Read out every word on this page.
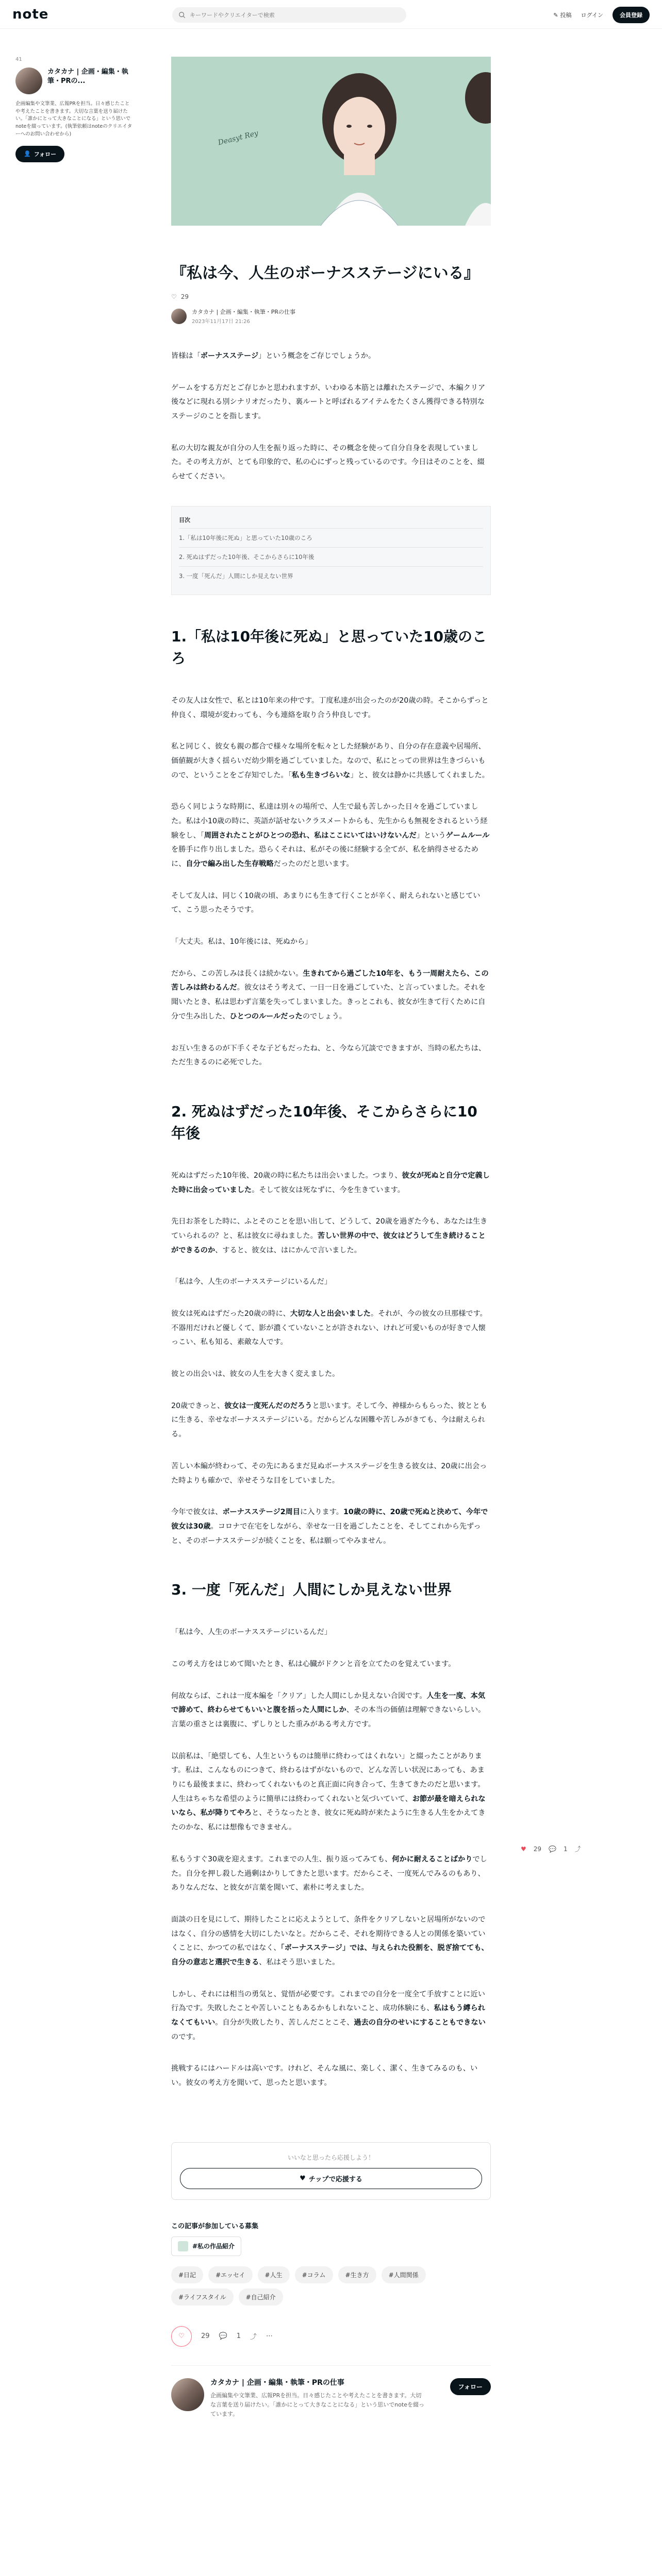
note
キーワードやクリエイターで検索	✎ 投稿 ログイン	会員登録
41
カタカナ | 企画・編集・執筆・PRの...
企画編集や文筆業、広報PRを担当。日々感じたことや考えたことを書きます。大切な言葉を送り届けたい。「誰かにとって大きなことになる」という思いでnoteを綴っています。(執筆依頼はnoteのクリエイターへのお問い合わせから)
👤 フォロー
Deasyt Rey
『私は今、人生のボーナスステージにいる』
♡ 29
カタカナ | 企画・編集・執筆・PRの仕事
2023年11月17日 21:26

皆様は「ボーナスステージ」という概念をご存じでしょうか。

ゲームをする方だとご存じかと思われますが、いわゆる本筋とは離れたステージで、本編クリア後などに現れる別シナリオだったり、裏ルートと呼ばれるアイテムをたくさん獲得できる特別なステージのことを指します。

私の大切な親友が自分の人生を振り返った時に、その概念を使って自分自身を表現していました。その考え方が、とても印象的で、私の心にずっと残っているのです。今日はそのことを、綴らせてください。

目次
1.「私は10年後に死ぬ」と思っていた10歳のころ
2. 死ぬはずだった10年後、そこからさらに10年後
3. 一度「死んだ」人間にしか見えない世界
1.「私は10年後に死ぬ」と思っていた10歳のころ

その友人は女性で、私とは10年来の仲です。丁度私達が出会ったのが20歳の時。そこからずっと仲良く、環境が変わっても、今も連絡を取り合う仲良しです。

私と同じく、彼女も親の都合で様々な場所を転々とした経験があり、自分の存在意義や居場所、価値観が大きく揺らいだ幼少期を過ごしていました。なので、私にとっての世界は生きづらいもので、ということをご存知でした。「私も生きづらいな」と、彼女は静かに共感してくれました。

恐らく同じような時期に、私達は別々の場所で、人生で最も苦しかった日々を過ごしていました。私は小10歳の時に、英語が話せないクラスメートからも、先生からも無視をされるという経験をし、「周囲されたことがひとつの恐れ、私はここにいてはいけないんだ」というゲームルールを勝手に作り出しました。恐らくそれは、私がその後に経験する全てが、私を納得させるために、自分で編み出した生存戦略だったのだと思います。

そして友人は、同じく10歳の頃、あまりにも生きて行くことが辛く、耐えられないと感じていて、こう思ったそうです。

「大丈夫。私は、10年後には、死ぬから」

だから、この苦しみは長くは続かない。生きれてから過ごした10年を、もう一周耐えたら、この苦しみは終わるんだ。彼女はそう考えて、一日一日を過ごしていた、と言っていました。それを聞いたとき、私は思わず言葉を失ってしまいました。きっとこれも、彼女が生きて行くために自分で生み出した、ひとつのルールだったのでしょう。

お互い生きるのが下手くそな子どもだったね、と、今なら冗談でできますが、当時の私たちは、ただ生きるのに必死でした。

2. 死ぬはずだった10年後、そこからさらに10年後

死ぬはずだった10年後、20歳の時に私たちは出会いました。つまり、彼女が死ぬと自分で定義した時に出会っていました。そして彼女は死なずに、今を生きています。

先日お茶をした時に、ふとそのことを思い出して、どうして、20歳を過ぎた今も、あなたは生きていられるの？と、私は彼女に尋ねました。苦しい世界の中で、彼女はどうして生き続けることができるのか、すると、彼女は、はにかんで言いました。

「私は今、人生のボーナスステージにいるんだ」

彼女は死ぬはずだった20歳の時に、大切な人と出会いました。それが、今の彼女の旦那様です。不器用だけれど優しくて、影が濃くていないことが許されない、けれど可愛いものが好きで人懐っこい、私も知る、素敵な人です。

彼との出会いは、彼女の人生を大きく変えました。

20歳できっと、彼女は一度死んだのだろうと思います。そして今、神様からもらった、彼とともに生きる、幸せなボーナスステージにいる。だからどんな困難や苦しみがきても、今は耐えられる。

苦しい本編が終わって、その先にあるまだ見ぬボーナスステージを生きる彼女は、20歳に出会った時よりも確かで、幸せそうな目をしていました。

今年で彼女は、ボーナスステージ2周目に入ります。10歳の時に、20歳で死ぬと決めて、今年で彼女は30歳。コロナで在宅をしながら、幸せな一日を過ごしたことを、そしてこれから先ずっと、そのボーナスステージが続くことを、私は願ってやみません。

3. 一度「死んだ」人間にしか見えない世界

「私は今、人生のボーナスステージにいるんだ」

この考え方をはじめて聞いたとき、私は心臓がドクンと音を立てたのを覚えています。

何故ならば、これは一度本編を「クリア」した人間にしか見えない合図です。人生を一度、本気で諦めて、終わらせてもいいと腹を括った人間にしか、その本当の価値は理解できないらしい。言葉の重さとは裏腹に、ずしりとした重みがある考え方です。

以前私は、「絶望しても、人生というものは簡単に終わってはくれない」と綴ったことがあります。私は、こんなものにつきて、終わるはずがないもので、どんな苦しい状況にあっても、あまりにも最後ままに、終わってくれないものと真正面に向き合って、生きてきたのだと思います。人生はちゃちな希望のように簡単には終わってくれないと気づいていて、お節が最を暗えられないなら、私が降りてやろと、そうなったとき、彼女に死ぬ時が来たように生きる人生をかえてきたのかな、私には想像もできません。

私もうすぐ30歳を迎えます。これまでの人生、振り返ってみても、何かに耐えることばかりでした。自分を押し殺した過剰はかりしてきたと思います。だからこそ、一度死んでみるのもあり、ありなんだな、と彼女が言葉を聞いて、素朴に考えました。

面談の日を見にして、期待したことに応えようとして、条件をクリアしないと居場所がないのではなく、自分の感情を大切にしたいなと。だからこそ、それを期待できる人との関係を築いていくことに、かつての私ではなく、「ボーナスステージ」では、与えられた役割を、脱ぎ捨てても、自分の意志と選択で生きる、私はそう思いました。

しかし、それには相当の勇気と、覚悟が必要です。これまでの自分を一度全て手放すことに近い行為です。失敗したことや苦しいこともあるかもしれないこと、成功体験にも、私はもう縛られなくてもいい。自分が失敗したり、苦しんだことこそ、過去の自分のせいにすることもできないのです。

挑戦するにはハードルは高いです。けれど、そんな風に、楽しく、潔く、生きてみるのも、いい。彼女の考え方を聞いて、思ったと思います。

いいなと思ったら応援しよう！
♥ チップで応援する
この記事が参加している募集
#私の作品紹介
#日記	#エッセイ	#人生	#コラム	#生き方	#人間関係
#ライフスタイル	#自己紹介
♡ 29 💬 1 ⤴ ⋯
カタカナ | 企画・編集・執筆・PRの仕事
企画編集や文筆業、広報PRを担当。日々感じたことや考えたことを書きます。大切な言葉を送り届けたい。「誰かにとって大きなことになる」という思いでnoteを綴っています。
フォロー
♥ 29 💬 1 ⤴
